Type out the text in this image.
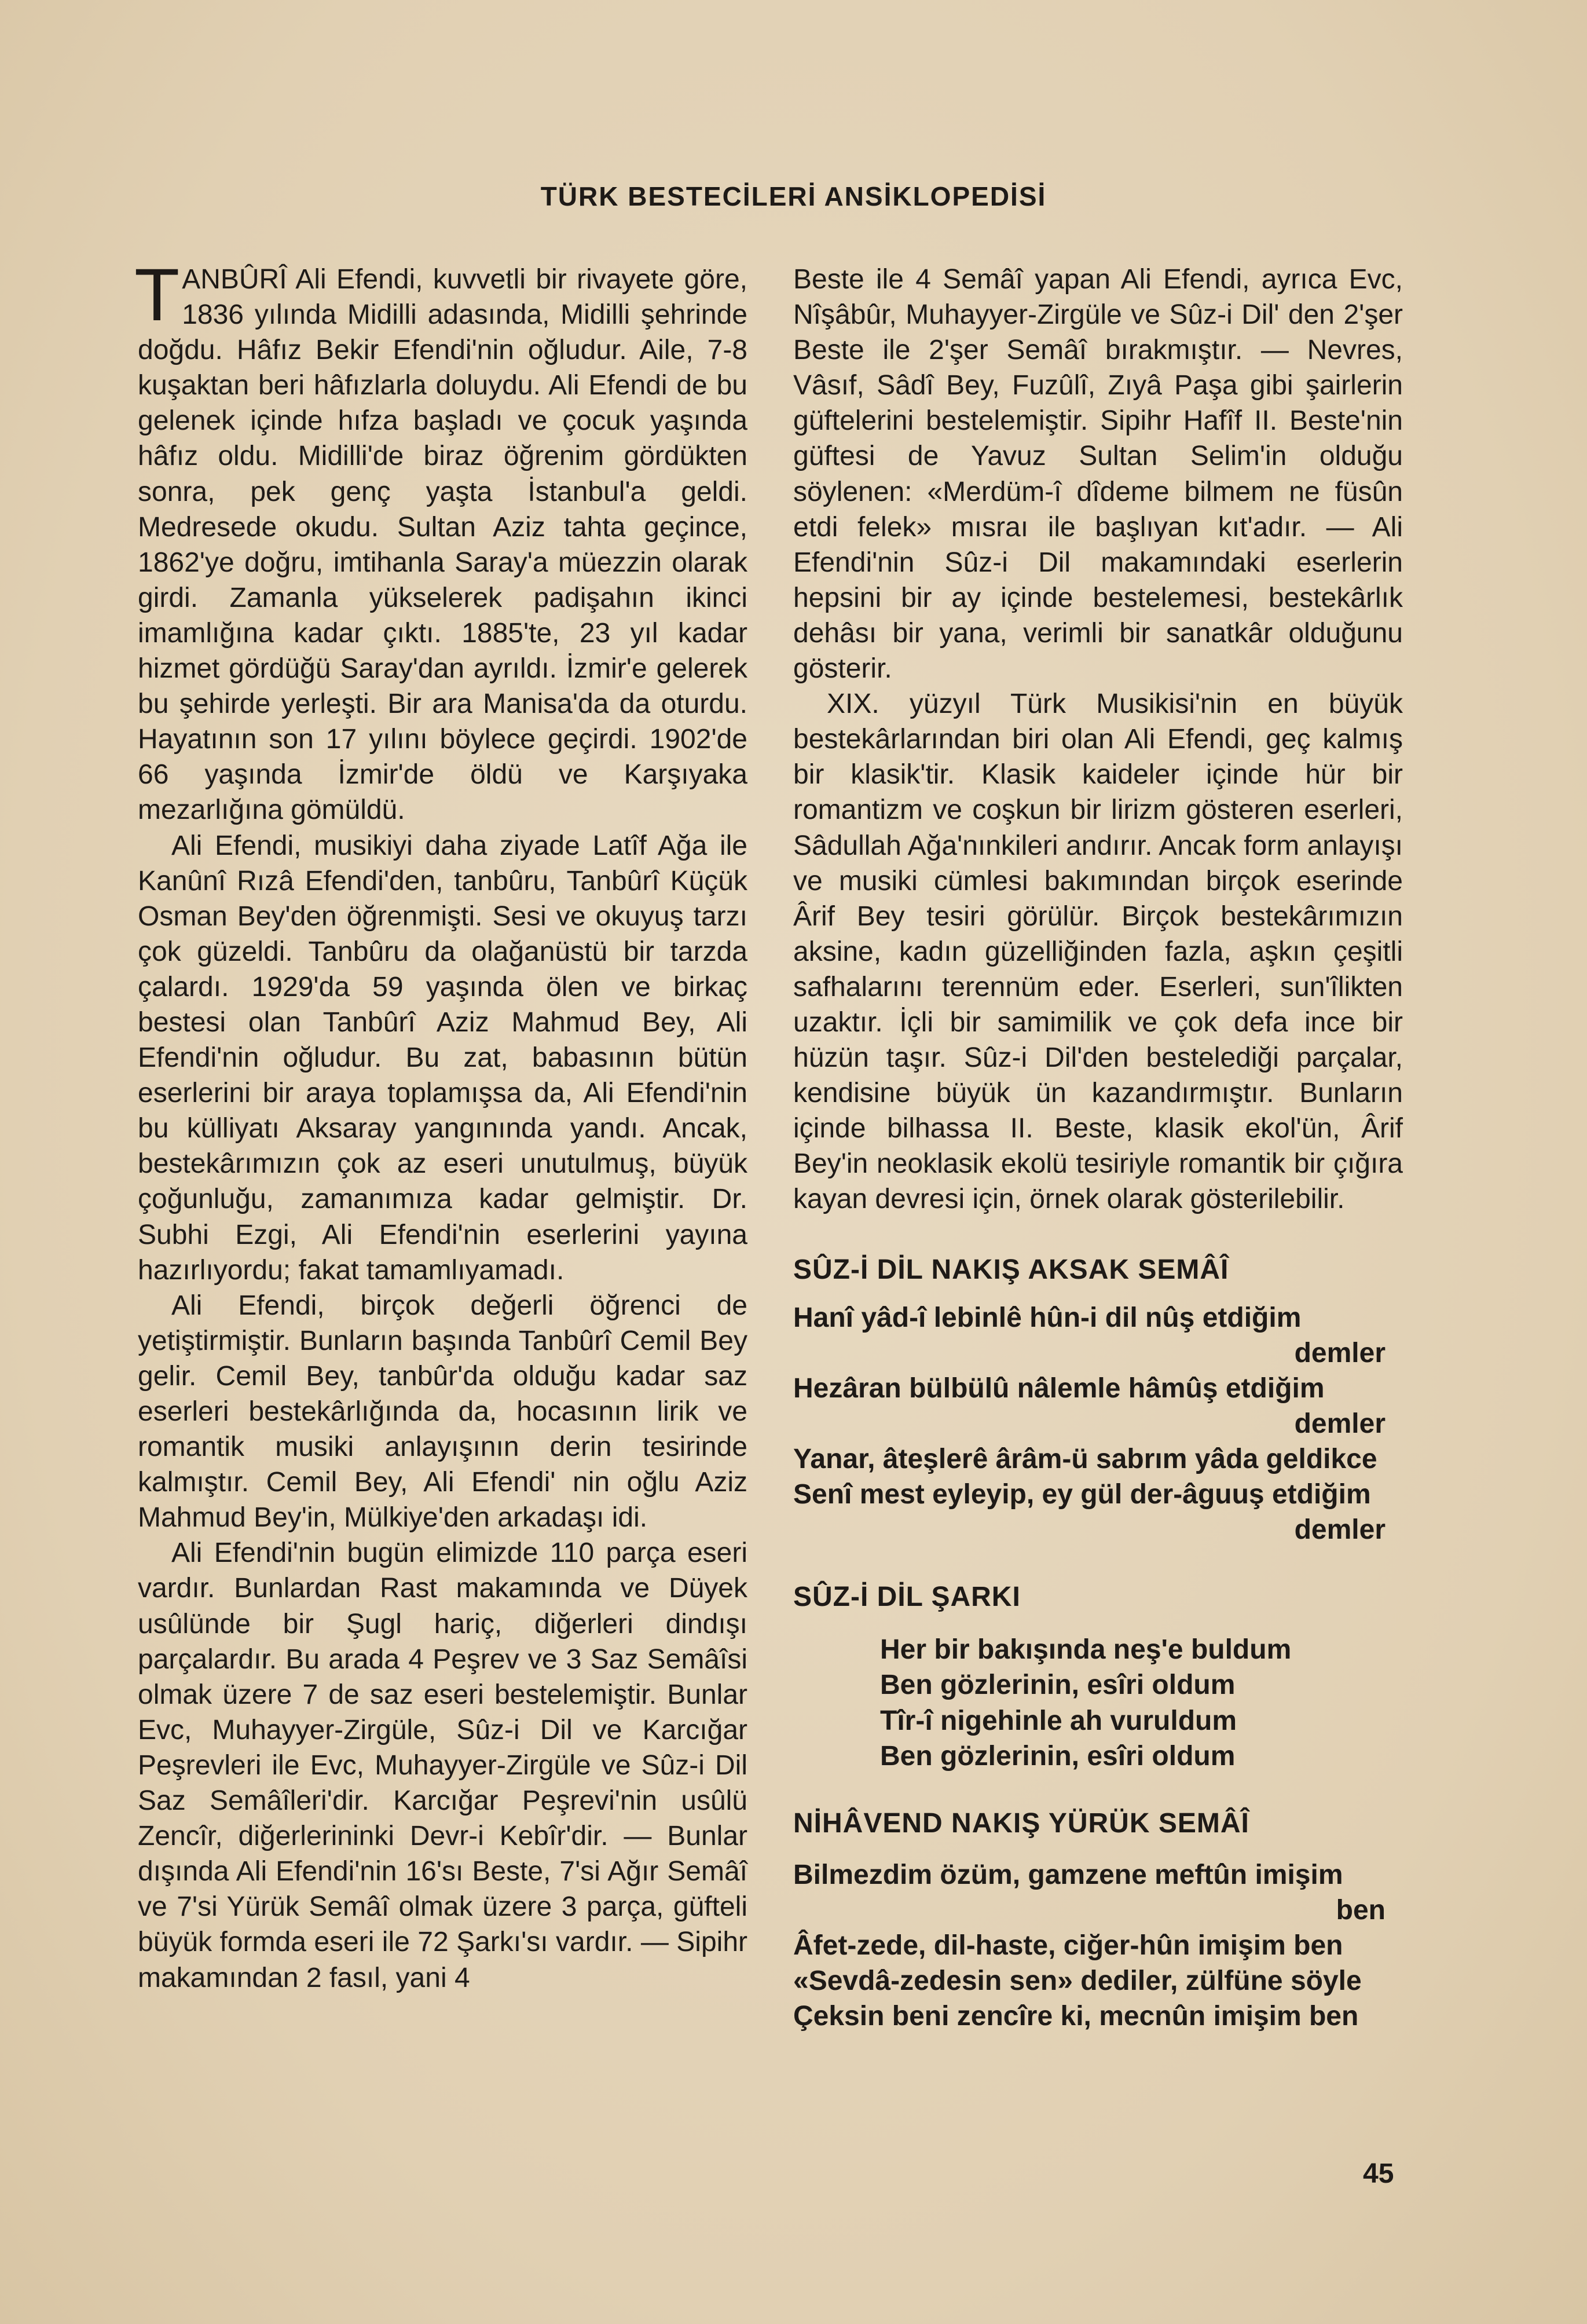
TÜRK BESTECİLERİ ANSİKLOPEDİSİ

TANBÛRÎ Ali Efendi, kuvvetli bir rivayete göre, 1836 yılında Midilli adasında, Midilli şehrinde doğdu. Hâfız Bekir Efendi'nin oğludur. Aile, 7-8 kuşaktan beri hâfızlarla doluydu. Ali Efendi de bu gelenek içinde hıfza başladı ve çocuk yaşında hâfız oldu. Midilli'de biraz öğrenim gördükten sonra, pek genç yaşta İstanbul'a geldi. Medresede okudu. Sultan Aziz tahta geçince, 1862'ye doğru, imtihanla Saray'a müezzin olarak girdi. Zamanla yükselerek padişahın ikinci imamlığına kadar çıktı. 1885'te, 23 yıl kadar hizmet gördüğü Saray'dan ayrıldı. İzmir'e gelerek bu şehirde yerleşti. Bir ara Manisa'da da oturdu. Hayatının son 17 yılını böylece geçirdi. 1902'de 66 yaşında İzmir'de öldü ve Karşıyaka mezarlığına gömüldü.

Ali Efendi, musikiyi daha ziyade Latîf Ağa ile Kanûnî Rızâ Efendi'den, tanbûru, Tanbûrî Küçük Osman Bey'den öğrenmişti. Sesi ve okuyuş tarzı çok güzeldi. Tanbûru da olağanüstü bir tarzda çalardı. 1929'da 59 yaşında ölen ve birkaç bestesi olan Tanbûrî Aziz Mahmud Bey, Ali Efendi'nin oğludur. Bu zat, babasının bütün eserlerini bir araya toplamışsa da, Ali Efendi'nin bu külliyatı Aksaray yangınında yandı. Ancak, bestekârımızın çok az eseri unutulmuş, büyük çoğunluğu, zamanımıza kadar gelmiştir. Dr. Subhi Ezgi, Ali Efendi'nin eserlerini yayına hazırlıyordu; fakat tamamlıyamadı.

Ali Efendi, birçok değerli öğrenci de yetiştirmiştir. Bunların başında Tanbûrî Cemil Bey gelir. Cemil Bey, tanbûr'da olduğu kadar saz eserleri bestekârlığında da, hocasının lirik ve romantik musiki anlayışının derin tesirinde kalmıştır. Cemil Bey, Ali Efendi' nin oğlu Aziz Mahmud Bey'in, Mülkiye'den arkadaşı idi.

Ali Efendi'nin bugün elimizde 110 parça eseri vardır. Bunlardan Rast makamında ve Düyek usûlünde bir Şugl hariç, diğerleri dindışı parçalardır. Bu arada 4 Peşrev ve 3 Saz Semâîsi olmak üzere 7 de saz eseri bestelemiştir. Bunlar Evc, Muhayyer-Zirgüle, Sûz-i Dil ve Karcığar Peşrevleri ile Evc, Muhayyer-Zirgüle ve Sûz-i Dil Saz Semâîleri'dir. Karcığar Peşrevi'nin usûlü Zencîr, diğerlerininki Devr-i Kebîr'dir. — Bunlar dışında Ali Efendi'nin 16'sı Beste, 7'si Ağır Semâî ve 7'si Yürük Semâî olmak üzere 3 parça, güfteli büyük formda eseri ile 72 Şarkı'sı vardır. — Sipihr makamından 2 fasıl, yani 4

Beste ile 4 Semâî yapan Ali Efendi, ayrıca Evc, Nîşâbûr, Muhayyer-Zirgüle ve Sûz-i Dil' den 2'şer Beste ile 2'şer Semâî bırakmıştır. — Nevres, Vâsıf, Sâdî Bey, Fuzûlî, Zıyâ Paşa gibi şairlerin güftelerini bestelemiştir. Sipihr Hafîf II. Beste'nin güftesi de Yavuz Sultan Selim'in olduğu söylenen: «Merdüm-î dîdeme bilmem ne füsûn etdi felek» mısraı ile başlıyan kıt'adır. — Ali Efendi'nin Sûz-i Dil makamındaki eserlerin hepsini bir ay içinde bestelemesi, bestekârlık dehâsı bir yana, verimli bir sanatkâr olduğunu gösterir.

XIX. yüzyıl Türk Musikisi'nin en büyük bestekârlarından biri olan Ali Efendi, geç kalmış bir klasik'tir. Klasik kaideler içinde hür bir romantizm ve coşkun bir lirizm gösteren eserleri, Sâdullah Ağa'nınkileri andırır. Ancak form anlayışı ve musiki cümlesi bakımından birçok eserinde Ârif Bey tesiri görülür. Birçok bestekârımızın aksine, kadın güzelliğinden fazla, aşkın çeşitli safhalarını terennüm eder. Eserleri, sun'îlikten uzaktır. İçli bir samimilik ve çok defa ince bir hüzün taşır. Sûz-i Dil'den bestelediği parçalar, kendisine büyük ün kazandırmıştır. Bunların içinde bilhassa II. Beste, klasik ekol'ün, Ârif Bey'in neoklasik ekolü tesiriyle romantik bir çığıra kayan devresi için, örnek olarak gösterilebilir.

SÛZ-İ DİL NAKIŞ AKSAK SEMÂÎ

Hanî yâd-î lebinlê hûn-i dil nûş etdiğim

demler

Hezâran bülbülû nâlemle hâmûş etdiğim

demler

Yanar, âteşlerê ârâm-ü sabrım yâda geldikce

Senî mest eyleyip, ey gül der-âguuş etdiğim

demler

SÛZ-İ DİL ŞARKI

Her bir bakışında neş'e buldum

Ben gözlerinin, esîri oldum

Tîr-î nigehinle ah vuruldum

Ben gözlerinin, esîri oldum

NİHÂVEND NAKIŞ YÜRÜK SEMÂÎ

Bilmezdim özüm, gamzene meftûn imişim

ben

Âfet-zede, dil-haste, ciğer-hûn imişim ben

«Sevdâ-zedesin sen» dediler, zülfüne söyle

Çeksin beni zencîre ki, mecnûn imişim ben

45
